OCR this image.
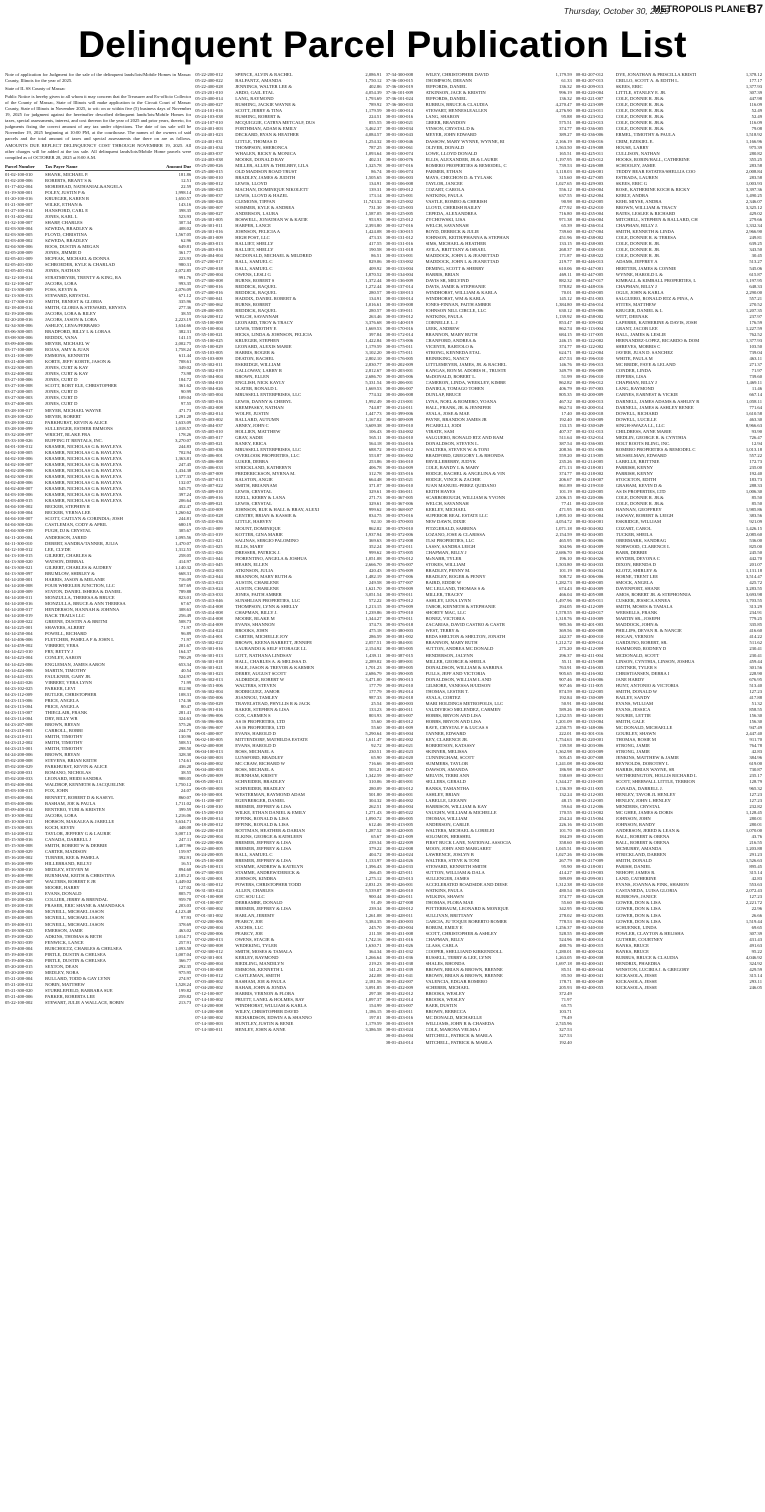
Thursday, October 30, 2025
METROPOLIS PLANET
B7
Delinquent Parcel Publication List

Note of application for Judgment for the sale of the delinquent lands/lots/Mobile Homes in Massac County, Illinois for the year of 2025.

State of IL SS County of Massac

Public Notice is hereby given to all whom it may concern that the Treasurer and Ex-officio Collector of the County of Massac, State of Illinois will make application to the Circuit Court of Massac County, State of Illinois in November 2025, to wit: on or within five (5) business days of November 19, 2025 for judgment against the hereinafter described delinquent lands/lots/Mobile Homes for taxes, special assessments, interest, and cost thereon for the year of 2025 and prior years, thereto, for judgments fixing the correct amount of any tax under objections. The date of tax sale will be November 19, 2025 beginning at 10:00 PM, at the courthouse. The names of the owners of said parcels and the total amount of taxes and special assessments due there on are as follows. AMOUNTS DUE REFLECT DELINQUENCY COST THROUGH NOVEMBER 19, 2025. All other charges will be added at the tax sale. All delinquent lands/lots/Mobile Home parcels were compiled as of OCTOBER 28, 2025 at 8:00 A.M.

Parcel Number	Tax Payer Name	Amount Due
01-02-100-010	SHANK, MICHAEL P.	181.86
01-02-200-006	ROBERTS, BRANT S &	12.51
01-17-402-004	MOREHEAD, NATHANIAL&ANGELA	22.59
01-19-300-001	POLEY, JUSTIN P &	1,998.14
01-20-100-016	KRUEGER, KAREN R	1,650.57
01-21-300-007	WILKE, ETHAN &	143.16
01-27-100-014	HANSFORD, CARL E	398.35
01-31-402-002	JONES, KARL L	523.93
01-32-100-007	SHARP, CHARLES	307.34
02-03-300-004	SZWEDA, BRADLEY &	408.02
02-03-300-005	FLOYD, CHRISTINA	1,567.05
02-03-400-002	SZWEDA, BRADLEY	62.96
02-04-300-006	BOOS, DUSTIN & MEGAN	649.81
02-05-200-009	JONES, JIMMIE D	361.77
02-05-401-009	MCPEAK, MICHAEL & DONNA	223.93
02-05-401-030	SCHROEDER, KYLE & CHARLAD	980.31
02-05-401-034	JONES, NATHAN	2,072.85
02-12-100-014	STRATMEYER, TRENTY & KING, RA	991.76
02-12-100-047	JACOBS, LORA	993.35
02-13-300-009	FOSS, KEVIN &	2,076.09
02-13-300-013	STEWARD, KRYSTAL	671.12
02-17-300-010	SMITH, ERNEST & GLORIA	335.96
02-18-400-014	SMITH, GLORIA & STEWARD, KRYSTA	277.36
02-19-200-006	JACOBS, LORA & RILEY	38.55
02-20-200-016	JACOBS, JASON & LORA	2,223.19
02-34-300-006	ASHLEY, LENA/FEBBARO	1,634.66
03-06-300-005	BRADFORD, BILLY L & LORAA	382.31
03-08-300-006	REDDIX, VANA	141.15
03-09-400-006	MEYER, MICHAEL W	2,002.75
03-17-100-008	ROJAS, AMY & JUAN	1,758.24
03-21-100-009	EMMONS, KENNETH	611.44
03-21-400-005	KORTE, JEFF/ KORTE, JASON &	708.61
03-22-300-005	JONES, CURT & KAY	349.02
03-22-400-002	JONES, CURT & KAY	73.98
03-27-100-006	JONES, CURT D	184.72
03-27-100-008	SCOTT, ROBT ELE, CHRISTOPHER	361.62
03-27-200-005	JONES, CURT D	90.99
03-27-300-003	JONES, CURT D	109.04
03-27-400-003	JONES, CURT D	97.55
03-28-100-017	MEYER, MICHAEL WAYNE	471.73
03-28-100-020	MEYER, ROBERT	1,291.28
03-28-100-022	PARKHURST, KEVIN & ALICE	1,633.09
03-28-100-099	SULLENGER, ESTHER EMMONS	1,018.57
03-32-200-097	WRICHT, BLAKE FRA	178.26
03-33-100-026	RUFFING IT RENTALS, INC.	3,270.07
04-01-100-012	KRAMER, NICHOLAS G & HAYLEYA	244.83
04-02-100-005	KRAMER, NICHOLAS G & HAYLEYA	702.94
04-02-100-006	KRAMER, NICHOLAS G & HAYLEYA	1,363.81
04-02-100-007	KRAMER, NICHOLAS G & HAYLEYA	247.45
04-02-200-006	KRAMER, NICHOLAS G & HAYLEYA	1,434.38
04-02-300-018	KRAMER, NICHOLAS G & HAYLEYA	1,377.33
04-02-400-006	KRAMER, NICHOLAS G & HAYLEYA	132.07
04-02-400-007	KRAMER, NICHOLAS G & HAYLEYA	545.75
04-03-100-006	KRAMER, NICHOLAS G & HAYLEYA	397.24
04-03-400-015	KRAMER, NICHOLAS G & HAYLEYA	206.64
04-04-100-002	BECKER, STEPHEN R	452.47
04-04-100-004	BECKER, VERNA LEE	1,260.62
04-04-100-007	SCOTT, CAITLYN & CORINDIA; JOSH	244.81
04-04-300-026	CASTLEMAN, CODY & APRIL	680.19
04-04-300-039	PUGH, DJ & CRYSTAL	305.67
04-11-200-004	ANDERSON, JARED	1,095.56
04-11-300-010	DEBERT, SANDRA/TANNER, JULIA	1,470.07
04-12-100-012	LEE, CLYDE	1,312.53
04-13-100-015	GILBERT, CHARLES &	258.05
04-13-300-020	WATSON, DEBRAL	414.97
04-13-300-021	GILBERT, CHARLES & AUDREY	1,140.32
04-13-300-097	BRUMLOW, SHIRLEY &	668.31
04-14-200-001	HARRIS, JASON & MELANIE	716.09
04-14-200-008	FOUR WHEELER JUNCTION, LLC	507.69
04-14-200-009	STATON, DANIEL ISHERA & DANIEL	789.88
04-14-200-011	MONZULLA, THERESA & BRUCE	823.01
04-14-200-016	MONZULLA, BRUCE & ANN THERESA	67.67
04-14-200-017	HENDERSON, HANNAH & JOHNNA	308.63
04-14-200-019	BACK TRAILS LLC	256.49
04-14-200-022	GREENE, DUSTIN A & BRITNI	508.73
04-14-225-001	SHAVERS, ALBERT	71.97
04-14-250-004	POWELL, RICHARD	96.89
04-14-406-006	FLETCHER, PAMELA F & JOHN L	71.97
04-14-459-002	VIBBERT, VERA	201.67
04-14-421-010	FRY, BETTY J	164.37
04-14-423-004	CONLEY, AARON	700.29
04-14-423-006	ENGLEMAN, JAMES AARON	653.34
04-14-424-006	MARTIN, TIMOTHY	40.54
04-14-441-033	FAULKNER, GARY JR.	524.97
04-14-441-026	VIBBERT, VERA LYNN	71.99
04-23-102-025	PARKER, LEVI	812.90
04-23-112-009	BUTLER, CHRISTOPHER	108.31
04-23-113-006	PRICE, ANGELA	174.36
04-23-113-004	PRICE, ANGELA	80.47
04-23-113-007	THIEGLAIR, FRANK	281.41
04-23-114-004	DRY, BILLY WR	324.63
04-23-207-008	BROWN, BRYAN	575.26
04-23-210-001	CARROLL, BOBBI	244.73
04-23-210-011	SMITH, TIMOTHY	130.96
04-23-212-002	SMITH, TIMOTHY	508.51
04-23-215-001	SMITH, TIMOTHY	298.50
04-24-200-006	BROWN, BRYAN	328.30
05-02-200-008	STEVENS, BRIAN KEITH	174.61
05-02-200-029	PARKHURST, KEVIN & ALICE	436.20
05-02-200-031	ROMANO, NICHOLAS	38.55
05-02-200-033	LEONARD, HEIDI SANDRA	988.05
05-02-400-004	WALDROP, KENNETH & JACQUELINE	1,750.12
05-03-100-015	FOX, JOHN	24.07
05-03-400-004	BENNETT, ROBERT D & KASEYL	860.07
05-03-400-006	BASHAM, JOE & PAULA	1,711.02
05-09-400-014	RENTERO, YURI & KRISTEN	399.59
05-10-300-002	JACOBS, LORA	1,216.06
05-10-300-011	HOBSON, MAKALEA & JARELLE	3,634.71
05-13-300-003	KOCH, KEVIN	448.08
05-14-200-012	TAYLOR, JEFFERY G & LAURIE	3,007.13
05-15-300-016	CANADA, DARRELL J	247.11
05-15-300-008	SMITH, ROBERT W & DEBBIE	1,407.96
05-15-300-029	CARTER, MADISON	159.97
05-16-200-002	TURNER, KEE & PAMELA	392.91
05-16-200-999	HILLEBRAND, BILLYJ	16.51
05-16-300-010	MEDLEY, STEVEN M	894.68
05-16-400-998	BURNHAM, KEITH & CHRISTINA	2,185.21
05-17-400-007	WALTERS, ROBERT E JR	1,449.02
05-18-200-008	MOORE, HARRY	127.02
05-18-200-011	EVANS, DONALD	805.75
05-18-200-026	COLLIER, JERRY & BRENDAL	959.78
05-18-200-018	FRASER, ERIC SHANE & AMANDAKA	203.03
05-18-400-004	MCNEILL, MICHAEL JASON	4,123.48
05-18-400-005	MCNEILL, MICHAEL JASON	97.93
05-18-400-011	MCNEILL, MICHAEL JASON	378.69
05-18-300-025	EMERSON, JAMIE	463.02
05-19-200-020	ADKINS, THOMAS & BETH	1,014.71
05-19-301-039	FENWICK, LANCE	257.91
05-19-400-004	BURCHOLTZ, CHARLES & CHELSEA	1,093.58
05-19-400-018	PIRTLE, DUSTIN & CHELSEA	1,007.04
05-19-400-026	PIRTLE, DUSTIN & CHELSEA	366.77
05-20-200-015	SEXTON, DEAN	292.35
05-20-200-030	MEDLEY, NORA	975.95
05-21-200-004	BULLARD, TODD & GAY LYNN	274.97
05-21-200-012	NOBIN, MATTHEW	1,528.24
05-21-300-020	STUBBLEFIELD, BARBARA SUE	199.82
05-21-400-006	PARKER, ROBERTA LEE	259.82
05-22-100-002	STEWART, JULIE A WALLACE, ROBIN	213.73
05-22-200-012	SPENCE, ALVIN & RACHEL	2,086.91
05-22-400-022	BALFANTZ, AMANDA	1,750.12
05-22-400-028	JENNINGS, WALTER LEE &	402.86
05-23-201-010	ABDO, GAIL ETAL	4,054.39
05-23-400-014	LANG, RAYMOND	1,793.69
05-23-400-027	RUSHING, JACKIE WAYNE &	789.92
05-24-101-016	SCOTT, JERRY & TINA	1,179.59
05-24-103-038	RUSHING, ROBERT &	224.51
05-24-107-010	MCQUIGGIE, CATRYA METCALF, DUS	855.55
05-24-401-003	FORTHMAN, ADAM & EMILY	3,462.37
05-24-401-023	DECKARD, RYAN & HEATHER	4,084.57
05-24-401-031	LITTLE, THOMAS D	1,254.32
05-24-401-034	THOMPSON, SHERONCA	787.25
05-24-403-037	WHALEN, RICKY & MONICA	1,093.64
05-24-403-038	MOOKE, DONALD RAY	402.31
05-25-200-026	MILLER, ALLEN & THELBBY, LILA	1,325.78
05-25-400-015	OLD MADISON ROAD TRUST	86.74
05-26-300-010	BRADLEY, JAMES & JUDITH	1,505.65
05-26-300-012	LEWIS, LLOYD	134.91
05-26-300-025	MACHAN, DOMINIQUE NIKOLETT	139.31
05-26-300-037	LEWIS, LLOYD & HAZEL	173.14
05-26-300-026	CLEMONS, TIFFAN	11,743.32
05-26-300-007	SOMMER, KYLE & ANDREA	731.30
05-26-300-027	ANDERSON, LAURA	1,587.05
05-26-301-005	BOSWELL, JONATHAN W & KATIE	953.93
05-26-301-011	HARPER, LANCE	2,393.80
05-26-301-016	JOHNSON, FELICIA A	1,424.08
05-26-401-009	HIGH POST, LLC	473.33
05-26-403-013	BALLIET, SHELLY	417.55
05-26-403-016	BALLIET, SHELLY	190.58
05-26-404-004	MCDONALD, MICHAEL & MILDRED	86.51
05-27-200-017	BALL, SAMUEL C	829.06
05-27-200-018	BALL, SAMUEL C	409.92
05-27-200-004	OWENS, LESLI G	1,870.52
05-27-300-008	BURNS, ROBERT S	1,372.44
05-27-300-016	REDDICK, RAQUEL	1,272.44
05-27-400-016	REDDICK, RAQUEL	280.57
05-27-300-041	HADDIX, DANIEL ROBERT &	134.91
05-27-300-062	BURNS, ROBERT	1,016.61
05-28-400-005	REDDICK, RAQUEL	280.57
05-34-200-012	WELCH, SAVANNAH	263.46
05-35-100-009	LEONARD, TROY & TRACY	3,376.68
05-35-100-004	LEWIS, TIMOTHY E	1,669.53
05-35-100-021	HICKS, LINDA & JOHNSON, FELICIA	397.84
05-35-100-025	KRUEGER, STEPHEN	1,422.84
05-35-100-029	LEONARD, ALEXIS MARIE	1,179.59
05-35-103-005	HARRIS, ROGER &	3,102.20
05-35-103-009	DEATON, RACHEL	2,802.10
05-35-302-011	ESKRIDGE, WILLIAM	2,830.77
05-35-302-019	GALLOWAY, LARRY R	2,812.67
05-35-304-004	BROWN, ELLEN	2,686.70
05-35-304-010	ENGLISH, NICK KAYLY	5,331.54
05-35-304-026	SLATER, RONALD L	1,669.53
05-35-305-004	MRUSSELL ENTERPRISES, LLC	774.32
05-35-305-016	LEWIS, DANNY & CHERYL	1,992.49
05-35-402-008	KREMPASKY, NATHAN	744.87
05-35-402-014	WOLFE, JUSTIN	1,447.73
05-35-403-002	BALLARD, AUTUMN	1,167.02
05-35-404-037	ABNEY, JOHN C	3,609.38
05-35-405-010	HOLLIEN, MATTHEW	106.43
05-35-405-017	GRAY, SADIE	565.11
05-35-405-021	RANEY, ERICA	564.18
05-35-405-036	MRUSSELL ENTERPRISES, LLC	688.72
05-35-406-001	OVERLOOK PROPERTIES, LLC	553.87
05-35-406-008	LUKER, DEBRA	253.86
05-35-406-033	STRICKLAND, KATHERYN	406.78
05-35-407-009	FREDERICKSON, MYRNA M.	312.78
05-35-407-013	RALSTON, ANGIE	664.48
05-35-407-022	SMITH, BRIANNAM	371.07
05-35-409-010	LEWIS, CRYSTAL	329.61
05-35-409-016	EZELL, KERRY & LANA	271.73
05-35-409-021	LEWIS, CRYSTAL	329.61
05-35-410-009	JOHNSON, RUE & HALL & BRAY, ALEXI	999.62
05-35-410-028	GENTRY, BRIAN & KASSIE &	834.75
05-35-410-036	LITTLE, HARVEY	92.10
05-35-411-009	MOUNT, DOMINIQUE	862.82
05-35-411-019	KOTTER, GINA MARIE	1,937.94
05-35-411-021	SALINAS, SERGIO PALOMINO	369.63
05-35-411-025	ELLIS, MARY	352.24
05-35-411-026	DRESSER, PATRICK J.	999.62
05-35-411-044	FIORENTINO, ANGELA & JOSHUA	1,051.08
05-35-411-045	HEARN, ELLEN	2,666.70
05-35-412-003	ATKINSON, JULIA	420.43
05-35-412-044	BRANNON, MARY RUTH &	1,482.19
05-35-413-023	AUSTIN, CHARLENE	249.58
05-35-413-024	AUSTIN, CHARLENE	1,621.70
05-35-413-033	JONES, FAITH AMBER	3,051.54
05-35-413-046	SUNSHLIAN PROPERTIES, LLC	572.22
05-35-414-008	THOMPSON, LYNN & SHELLY	1,213.15
05-35-414-008	CHAPMAN, BILLY J.	1,239.86
05-35-414-008	MOORE, BLAKE M	1,344.27
05-35-414-009	EVANS, SHANNON	374.73
05-35-414-024	BROOKS, JOHN	475.18
05-35-414-001	CARTER, MICHELLE JOY	286.59
05-35-302-022	BROWN, KEENA BARRETT, JENNIFE	2,057.51
05-35-301-016	LAURANDO & SELF STORAGE LL	2,154.92
05-36-301-013	LOTT, NATHANA LINDSAY	1,439.11
05-36-301-018	HALL, CHARLES A. & MELISSA D.	2,289.02
05-36-301-021	HALE, JASON & TREVOR & KARMEN	1,701.23
05-36-301-023	DERRY, AUGUST SCOTT	2,686.79
05-36-302-013	ALDRIDGE, ROBERT W	3,471.00
05-36-351-006	WALTERS, STEVEN	177.79
05-36-302-004	RODRIGUEZ, JAMOR	177.79
05-36-350-006	JOANNOU, TAMLEY	987.33
05-36-350-029	TRAVELSTEAD, PHYLLIS R & JACK	25.54
05-36-391-016	BAKER, STEPHEN & LISA	133.23
05-36-396-006	COX, CARMEN S	803.93
05-36-396-006	AS IS PROPERTIES, LTD	55.60
05-36-396-007	AS IS PROPERTIES, LTD	55.60
06-01-400-007	EVANS, HAROLD D	5,290.64
06-02-100-005	MITTENDORF, MATHILDA ESTATE	1,611.47
06-02-400-008	EVANS, HAROLD D	92.72
06-04-100-013	ROSS, MICHAEL A	230.51
06-04-300-003	LUNSFORD, BRADLEY	65.90
06-04-400-002	MC CRAW, RICHARD W	716.66
06-04-400-003	ROSS, MICHAEL A	503.21
06-05-200-009	BURNHAM, KRISTY	1,342.59
06-05-200-011	SCHNEIDER, BRADLEY	310.06
06-05-300-003	SCHNEIDER, BRADLEY	280.09
06-10-300-001	WESTERMAN, RAYMOND ADAM	501.80
06-11-200-007	EGENBERGER, DANIEL	304.32
06-11-200-010	BREMER, JEFFREY & LISA	262.51
06-15-200-010	WILKE, ETHAN DANIEL & EMILY	1,271.43
06-18-200-014	EFFINK, RONALD & LISA	1,090.72
06-18-200-012	EFFINK, RONALD & LISA	612.46
06-22-200-018	ROTTMAN, HEATHER & DARIAN	1,287.52
06-22-200-004	ELKINS, GEORGE & KATHLEEN	65.67
06-22-200-006	BREMER, JEFFREY & LISA	239.34
06-22-400-005	BREMER, JEFFREY & LISA	379.22
06-24-200-005	BALL, SAMUEL C	404.72
06-25-100-008	BREMER, JEFFREY & LISA	1,133.97
06-25-100-013	STAMME, ANDREW & KATELYN	1,396.43
06-27-300-003	STAMME, ANDREW/DERICK &	266.45
06-31-200-001	JOHNSON, KINDRA	1,275.12
06-31-300-012	POWERS, CHRISTOPHER TODD	2,831.23
06-31-303-024	ALLEN, CHARLES	5,539.87
07-01-100-008	GTC SOU LLC	900.44
07-01-100-007	DEBRAMBE, DONALD	91.49
07-01-300-002	BREMER, JEFFREY & LISA	239.34
07-01-301-002	HARLAN, JEREMY	1,261.08
07-02-200-006	PEARCY, JOE	3,384.35
07-02-200-004	AXCHIS, LLC	245.70
07-02-200-006	PEARCY, JOE	211.58
07-02-200-013	OWENS, STACIE &	1,742.16
07-02-300-008	WEDEKING, TYLER	1,630.71
07-02-300-012	SMITH, MOSES & TAMALA	364.34
07-02-301-001	KERLEY, RAYMOND	1,266.64
07-02-400-004	RIEDLING, MANDILYN	219.23
07-03-100-008	EMMONS, KENNETH L	141.23
07-03-100-012	CASTLEMAN, SMITH	242.08
07-03-400-002	BASHAM, JOE & PAULA	2,181.56
07-04-200-002	BAHAR, JOHN & JONDA	3,091.85
07-12-100-007	HARRIS, VERNON & FLORA	297.38
07-14-100-002	PRUITT, LANEL & HOLMES, RAY	1,097.37
07-14-200-008	WINDHORST, WILLIAM & KARLA	154.99
07-14-200-008	WILEY, CHRISTOPHER DAVID	1,186.15
07-14-300-002	RICHARDSON, EDWIN A & SHANNO	197.01
07-14-300-003	HUNTLEY, JUSTIN & RENIE	1,179.59
07-14-300-011	HENLEY, JOHN & ANNE	3,386.58
07-34-300-008	WILEY, CHRISTOPHER DAVID	1,179.59
07-36-100-015	THOMPSON, DEEANN	61.33
07-36-100-019	JEFFORDS, DANIEL	136.32
07-36-101-009	ATKINSON, JACE & KRISTIN	996.19
07-36-101-024	JEFFORDS, DANIEL	136.32
07-36-300-033	BURRUS, BRUCE & CLAUDIA	4,270.47
08-01-100-014	STEWART, HENNESLEALLEN	4,276.90
08-01-100-016	LANG, SHARON	95.88
08-01-100-021	GREER, BRANDON	575.51
08-01-100-034	VINSON, CRYSTAL D &	374.77
08-01-100-043	MEYER, JOHN EDWARD	389.27
08-01-100-046	DASSOW, MARY WYNNE, WYNNE, RI	2,166.19
08-01-100-061	OLIVER, DONALD	1,563.50
08-01-100-074	LOWE, LLOYD DONALD	165.51
08-01-100-076	ELLIS, ALEXANDER, JR & LAURIE	1,197.95
08-01-107-016	ROMERO PROPERTIES & REMODEL, C	739.53
08-01-106-074	FARMER, ETHAN	1,118.03
08-01-106-003	MAYS, CHECHON D. & TYLASK	315.60
08-01-106-008	TAYLOR, JANCEE	1,027.65
08-01-109-012	COZART, CAROLA	556.12
08-01-125-001	WATKINS, PAULA	637.55
08-01-125-002	VASTLE, ROMEO & CHERISH	90.98
08-01-125-003	LLOYD, CHERISH BAILEY	477.92
08-01-125-005	CEPEDA, ALEXANDREA	716.80
08-01-125-012	ZYCHOWSKI, LISA	971.38
08-01-127-016	WELCH, SAVANNAH	65.39
08-01-130-015	BOYD, DERRICK & JULIE	739.60
08-01-131-012	JOHNSON, KEITH/PHANNA & STEPHAN	451.96
08-01-131-016	SIMS, MICHAEL & HEATHER	133.15
08-01-131-018	AVILA, BRITTANY & ISRAEL	268.37
08-01-133-001	MADDOCK, JOHN L & JEANETTAD	171.87
08-01-133-002	MADDOCK, JOHN L & JEANETTAD	219.77
08-01-133-004	DEMING, SCOTT & SHERRY	610.06
08-01-134-004	HARRIS, BRIAN	469.11
08-01-136-009	DAVIS SR, MELVIND	882.32
08-01-137-014	DAVIS, JAMIE & STEPHANIE	578.82
08-01-138-013	WINDHORST, WILLIAM & KARLA	70.01
08-01-138-014	WINDHORST, WM & KARLA	145.12
08-01-139-008	JONES-FINNAN, FAITH AMBER	1,384.80
08-01-139-011	JOHNSON NILL CIRCLE, LLC	630.12
08-01-139-012	WATKINS, PAULA	1,139.92
08-01-140-019	CORNELLE L. J	853.47
08-01-170-016	LEEK, ANDREW	862.74
08-01-172-014	BRANNON, MARY RUTH	684.15
08-01-173-006	CRANFORD, ANDREA &	246.15
08-01-175-011	VICENTE, BARTOLO &	374.77
08-01-175-011	STRONG, KENNEDA ETAL	624.71
08-01-176-005	REINEKING, NANCY	457.53
08-01-202-009	LITTLEMEYER, JAMES, JR. & RACHEL	146.76
08-01-203-001	KANGAS, RON M. ADORIS H., TRUSTE	349.79
08-01-205-006	McDONALD, ROBERT L.	51.99
08-01-206-001	CAMERON, LINDA, WEEKLEY, KIMBE	862.82
08-01-206-007	DANIELS, TOMAGO TOHEN	406.79
08-01-206-008	DUNLAP, BRUCE	805.35
08-01-213-001	LYNA, NOEL & ROMERO, YOANA	467.32
08-01-214-011	HALL, FRANK, JR. & JENNIFER	862.74
08-01-399-006	AYALA, JOSE & MAE	17.40
08-01-309-009	PAYNE, BRANDON JAMES JR	192.40
08-01-339-010	PICARELLI, JODI	133.15
08-01-334-002	VIRATE, SAM	407.37
08-01-334-010	SALGUERO, RONALD RTZ AND RAM	511.64
08-01-334-016	DONALDSON, STEVEN L.	387.54
08-01-335-012	WALTERS, STEVEN W. & TONI	208.36
08-01-336-002	BRADFORD, GREGORY L & RHONDA	559.20
08-01-336-010	ERVILLEBERRY, JUDYK	235.26
08-01-334-009	COLE, RANDY L & MARY	471.13
08-01-335-016	HODGE, RACHEL & ANGELINA & VIN	374.77
08-01-335-021	HODGE, VINCE & ZACHIE	206.67
08-01-336-010	JUAN MANUEL-PEREZ QUIDANO	861.89
08-01-336-011	KEITH HAYES	101.19
08-01-367-005	SCARBOROUGH, WILLIAM & YVONN	2,506.15
08-01-367-006	WELCH, SAVANNAH	77.41
08-01-368-007	KERLEY, MICHAEL	471.95
08-01-370-016	SUPERIOR REAL ESTATE LLC	1,895.10
08-01-370-003	NEW DAWN, DIXIE	4,054.72
08-01-370-010	FITZGERALD, SABRINA	1,071.18
08-01-372-006	LOZANO, JOSE & CLARISSA	2,154.59
08-01-372-008	TLSJ PROPERTIES, LLC	465.95
08-01-372-011	LASSY, SANDRA LEIGH	304.96
08-01-373-005	CHAPMAN, BILLY J	2,686.70
08-01-376-012	McNABB, TYLER	196.10
08-01-376-007	STOKES, WILLIAM	1,503.80
08-01-376-009	BRADLEY, PENNY M.	101.19
08-01-377-006	BRADLEY, ROGER & PENNY	508.72
08-01-377-007	BAIRD, EDDIE W	1,282.73
08-01-378-009	MC LELLAND, THOMAS S &	674.43
08-01-378-011	MILLER, TRACEY	466.04
08-01-379-012	ASHLEY, LENA LYNN	1,497.96
08-01-379-009	TABOR, KENNETH & STEPHANIE	294.05
08-01-379-010	SHORTY MAC, LLC	1,578.55
08-01-379-011	BONEZ, VICTORIA	1,318.76
08-01-376-018	ZACARIAS, DAVID CASTRO & CASTR	985.36
08-01-380-003	WEST, TERRY &	369.56
08-01-381-002	REDA SHELTON & SHELTON, JONATH	242.37
08-01-384-001	BRANNON, MARY RUTH	1,212.72
08-01-385-005	SUTTON, ANDREA MC DONALD	275.20
08-01-387-015	HENDERSON, JALYNN	296.37
08-01-389-001	MILLER, GEORGE & SHEILA	55.11
08-01-389-005	DONALDSON, WILLIAM & SABRINA	763.91
08-01-390-005	FULLS, JEFF AND VICTORIA	905.65
08-01-390-013	DONALDSON, WILLIAM L AND	907.46
08-01-392-010	GILMORE, VANESSA H/UDSON	907.46
08-01-392-014	THOMAS, LESTER T.	874.59
08-01-392-018	AYALA, CORTEZ	192.84
08-01-400-003	MARI HOLDINGS METROPOLIS, LLC	50.91
08-01-400-011	VALDIVIESO MELENDEZ, CARMEN	589.26
08-01-403-007	HOBBS, BRYON AND LISA	1,232.55
08-01-403-012	HOBBS, BRYON AND LISA	1,201.09
08-01-401-009	RAVE, CRYSTAL F & LUCAS S	2,250.75
08-01-403-004	TANNER, EDWARD	222.01
08-01-402-002	KEY, CLARENCE JR.	1,754.63
08-01-402-021	ROBERTSON, KATASSY	139.58
08-01-402-023	SKINNER, MELISSA	1,362.98
08-01-402-020	CUNNINGHAM, SCOTT	505.45
08-01-405-003	SUMMERS, TAYLOR	1,241.08
08-01-402-017	DAWSON, AMANDA	186.98
08-01-405-007	MELVIN, TERRI ANN	538.69
08-01-403-001	SELLERS, GERALD	1,344.27
08-01-403-012	BANKS, TAMANTHA	1,136.39
08-01-404-001	ASHLEY, BRIAN	132.24
08-01-404-002	LABELLE, LEEANN	48.15
08-01-404-004	HARRISON, WILLIAM & KAY	59.64
08-01-405-022	VAUGHN, WILLIAM & MICHELLE	170.55
08-01-406-005	THOMAS, WILLIAM	254.24
08-01-413-005	ANDERSON, CARLIE	226.16
08-01-420-005	WALTERS, MICHAEL & LORELEI	101.70
08-01-421-009	SOLOMON, HERSHEL	184.29
08-01-422-009	FIRST BUCK LANE, NATIONAL ASSOCIA	358.60
08-01-422-008	MOON, JOHN AND MARGARET	1,045.51
08-01-424-024	LAWRENCE, JOSLYN B	1,027.26
08-01-424-026	WALTERS, STEVE & TONI	267.79
08-01-424-033	STEWARD, KENNETH SMITH	95.90
08-01-425-011	SUTTON, WILLIAM & DALA	414.27
08-01-425-013	SULLENGER, JAMES	589.09
08-01-426-001	ACCELERATED ROADSIDE AND DIESE	1,312.38
08-01-426-010	WATKINS, PAULA	480.54
08-01-426-011	WILKINS, SHAWN	374.77
08-01-427-008	THOMAS, FLORA MAE	55.60
08-01-428-012	POTTERBAUM, LEONARD & MONIQUE	342.95
08-01-428-011	SULLIVAN, BRITTANY	278.02
08-01-430-003	GARCIA, JU TOQUE ROBERTO ROMER	778.53
08-01-430-004	BOBUM, EMILY E	1,256.37
08-01-431-008	SCOTT, CHRISTOPHER & ASHLEY	528.55
08-01-431-016	CHAPMAN, BILLY	524.96
08-01-431-026	GLASS, CARLA	480.76
08-01-431-032	COOPER, SHELLIAND KIRKENDOLL	1,280.01
08-01-431-036	RUSSELL, TERRY & LEE, LYNN	1,263.05
08-01-431-038	SHALES, RHONDA	1,697.18
08-01-431-039	BROWN, BRIAN & BROWN, BRENNE	85.51
08-01-431-041	BROWN, BRIAN & BROWN, BRENNE	85.50
08-01-432-007	VALENCIA, EDGAR ROMERO	178.71
08-01-432-009	SCHEBER, MICHAEL	205.93
08-01-432-012	BROOKS, WESLEY	372.49
08-01-432-014	BROOKS, WESLEY	71.97
08-01-433-007	BAER, DUSTIN	65.75
08-01-433-011	BROWN, REBECCA	103.71
08-01-433-016	MC DONALD, MICHAELLE	79.49
08-01-433-019	WILLIAMS, JOHN R & CHASEDA	2,745.96
08-01-433-024	COLE, MARONA VELMA J	327.53
08-01-434-004	MITCHELL, PATRICK & MARLA	327.53
08-01-434-014	MITCHELL, PATRICK & MARLA	192.40
08-02-207-012	DYE, JONATHAN & PRISCILLA KRISTI	1,378.12
08-02-207-013	CRILLO, SCOTT A. & EDITH L.	177.17
08-02-209-013	SKEES, ERIC	1,377.93
08-02-220-004	LITTLE, STANLEY E. JR.	307.39
08-02-221-007	COLE, DONNIE R. JR.&	447.98
08-02-223-009	COLE, DONNIE R. JR.&	116.09
08-02-223-011	COLE, DONNIE R. JR.&	52.49
08-02-223-012	COLE, DONNIE R. JR.&	52.49
08-02-223-013	COLE, DONNIE R. JR.&	116.09
08-02-336-005	COLE, DONNIE R. JR.&	79.08
08-02-336-006	ERMEL, TIMOTHY & PAULA	1,518.92
08-02-336-016	CRIM, EZEKIEL E.	1,166.96
08-02-419-008	HOUSE, LARRY	975.39
08-02-425-011	CULLISON, NATHAN	280.82
08-02-425-012	HOOKS, ROBIN/HALL, CATHERINE	355.25
08-02-426-008	SCHOOLEY, JAMIE	283.58
08-02-426-001	TEDDY BEAR ESTATES/SHELLIA COO	2,008.84
08-02-427-005	ESTRADA, LAUREN	283.58
08-02-429-003	SKEES, ERIC G	1,003.93
08-02-430-004	ROSE, KATHERINE KOCH & RICKY	3,397.36
08-02-432-004	KERLY, ANDRA	1,490.25
08-02-432-005	KEHL MIYSE, ANDRA	2,346.07
08-02-432-010	BROWN, WILLIAM & TRACY	3,325.12
08-02-435-004	BATES, LESLEE & RICHARD	429.02
08-02-436-004	MITCHELL, STEPHEN & BALLARD, CH	279.66
08-02-436-014	CHAPMAN, BILLY J.	1,332.34
08-02-437-004	SMITH, KENNETH & LINDA	2,966.90
08-02-438-002	COLE, DONNIE R. & TERESA	249.81
08-02-438-003	COLE, DONNIE R. JR.	639.25
08-02-438-010	COLE, DONNIE R. JR.	343.50
08-02-438-022	COLE, DONNIE R. JR.	30.45
08-02-446-013	ADAMS, JEFFREY A	513.27
08-02-447-001	HERTTER, JAMES & CONNIE	545.06
08-02-447-005	WYNNE, HAROLD L &	615.87
08-02-447-017	KIMBALL & KIMBALL PROPERTIES, L	1,197.95
08-02-448-016	CHAPMAN, BILLY J	648.33
08-02-450-005	OGLE, JOHN & KARLA	2,290.00
08-02-451-003	SALGUERO, RONALD RTZ & PINA, A	557.21
08-02-456-014	STITES, MATTHEW	270.52
08-02-459-006	KRUGER, DANIEL & L	1,207.35
08-02-458-002	WITT, DEENAK	237.97
08-02-109-002	LAPERRE, KATHERINE & DAVIS, JOSH	176.59
08-02-113-004	GRANT, JACOB LEE	1,227.59
08-02-117-005	HALL, JAMES & LESLIE	762.52
08-02-122-002	HERNANDEZ-LOPEZ, RICARDO & DOM	1,377.93
08-02-122-002	SHREVES, MORRIS C	103.50
08-02-122-004	JAVIER, JUAN D. SANCHEZ	739.04
08-02-196-010	WHITE, PAULA M	463.11
08-02-196-013	MC BRIDE, FAYE & LELAND	271.37
08-02-196-009	CONDER, LINDA	71.97
08-02-196-010	JEFFERS, LISA	739.60
08-02-196-012	CHAPMAN, BILLY J	1,469.11
08-02-197-003	LANG, RAYMOND	11.46
08-02-200-009	CARNES, EARNEST & VICKIE	667.14
08-02-200-013	DARNELL, JAMES ADAMS & ASHLEY R	1,058.11
08-02-200-014	DARNELL, JAMES & ASHLEY RENEE	771.64
08-02-200-018	DOWELL, RICHARD	1,610.58
08-02-330-009	DOWELL, LUCILLE	463.30
08-02-330-049	SINGH-SWAZA LL, LLC	8,966.63
08-02-331-013	CHILDRESS, ANNE MARIE	93.90
08-02-332-014	MEDLIN, GEORGE R. & CYNTHIA	726.47
08-02-336-003	HOLT ROOTS BLING, INC.	12.94
08-02-351-006	ROMERO PROPERTIES & REMODEL C	1,013.18
08-02-213-005	MUSSELMAN, EDWARD	557.22
08-02-214-005	LABELLE, BRITTNIE	172.73
08-02-218-001	PARRISH, KENNY	235.00
08-02-218-002	PARRISH, KENNY	192.40
08-02-218-007	STOCKTON, EDITH	183.73
08-02-219-010	GRAHAM, KEVIN D &	288.33
08-02-220-005	AS IS PROPERTIES, LTD	1,006.30
08-02-220-006	COLE, DONNIE R. JR.&	85.50
08-02-220-010	COLE, DONNIE R. JR.&	85.50
08-02-301-003	HANNAN, GEOFFREY	1,985.86
08-02-303-004	JAKWAY, ROBERT & LEIGH	383.56
08-02-304-001	ESKRIDGE, WILLIAM	921.09
08-02-304-002	COZART, CAROL	1,426.15
08-02-304-005	TUCKER, SHEILA	2,085.60
08-02-304-006	OBERMARK, SANDRAG	536.00
08-02-304-009	NORWOOD, CLARENCE L	825.00
08-02-304-024	BARR, DEBBIE	245.50
08-02-304-026	SNYDER, DEVONA C	442.70
08-02-304-033	DIXON, BRENDA D	201.07
08-02-304-034	KLOTZ, SHIRLEY &	1,131.18
08-02-306-006	HORNE, TRENT LEE	3,514.47
08-02-400-005	SMOCK, ANGELA	425.72
08-02-404-009	DAVENPORT, SHANE	3,283.55
08-02-405-008	AMOS, ROBERT JR. & STEPHONNIA	3,693.98
08-02-405-011	CUSKER, JESSICA ANNEA	1,703.55
08-02-412-009	SMITH, MOSES & TAMALA	313.29
08-02-420-017	WERSELLS, FRANK	234.91
08-02-410-009	MARTIN SR., JOSEPH	779.25
08-02-401-003	MADDOCK, JOHN &	335.85
08-02-400-008	PHILLIPS, DEVAN R. & NANCIE	416.60
08-02-400-010	HOGAN, VERNON	414.22
08-02-409-014	GARDUNO, ROBERT, SR.	511.62
08-02-412-009	HAMMOND, RODNEY D	230.41
08-02-411-004	MCDONALD, SCOTT	230.41
08-02-415-008	LINSON, CYNTHIA, LINSON, JOSHUA	459.44
08-02-416-003	GINTNER, TYLER S	301.56
08-02-416-002	CHRISTIANSEN, DEBRA I	228.90
08-02-416-006	JANE HARDY	676.95
08-02-111-005	HUNT, ANTONIO & VICTORIA	513.40
08-02-122-005	SMITH, DONALD W	127.23
08-02-130-009	BAILEY, SANDY	417.88
08-02-140-004	EVANS, WILLIAM	51.32
08-02-140-009	EVANS, JESSICA	858.55
08-02-140-001	NOURIE, LETTIE	156.30
08-02-133-004	SMITH, GALE	156.30
08-02-148-006	MC DONALD, MICHAELLE	947.49
08-02-301-016	GOURLEY, SHAWN	2,447.40
08-02-220-001	THOMAS, ROSIE M	911.70
08-02-203-006	STRONG, JAMIE	764.78
08-02-203-009	STRONG, JAMIE	42.83
08-02-207-008	JENKINS, MATTHEW & JAMIE	384.96
08-02-206-002	REYNOLDS, DOROTHY L	619.00
08-02-209-007	HARRIS, BRIAN WAYNE, SR	730.87
08-02-209-011	WETHERINGTON, HOLLIS RICHARD L	235.17
08-02-210-005	SCOTT, SHERWALL LITTLE, TERRION	128.79
08-02-211-005	CANADA, DARRELL J.	965.32
08-02-212-003	HENLEY, TAVOR JL HENLEY	127.23
08-02-212-005	HENLEY, JOHN L HENLEY	127.23
08-02-212-006	MENDERS, CRYSTAL	232.82
08-02-213-002	MC GHEE, JAMES & DORIS	1,128.45
08-02-215-004	JOHNSON, JOHN	280.01
08-02-215-005	JOHNSON, RANDY	280.01
08-02-215-005	ANDERSON, JERED & LEAN &	1,070.00
08-02-216-005	BALL, ROBERT & ORENA	43.76
08-02-216-005	BALL, ROBERT & ORENA	216.55
08-02-216-005	MCMURRY, AMANDA	1,203.88
08-02-216-006	STRICKLAND, DARREN	291.23
08-02-217-009	SMITH, DONALD	1,526.63
08-02-218-001	PARISH, DANIEL	895.45
08-02-219-003	NEHOFF, JAMES R.	315.14
08-02-299-001	LAND, CATHERINE	42.83
08-02-326-010	EVANS, JOANNA & FINK, SHARON	553.63
08-02-326-023	CASTANEDA, LUISA GLORIA	2,072.43
08-02-326-028	BURROWS, JANICE	127.23
08-02-326-006	GOWER, DON & LISA	2,221.72
08-02-332-002	GOWER, DON & LISA	22.96
08-02-332-003	GOWER, DON & LISA	26.66
08-02-332-004	GOWER, DON & LISA	1,519.44
08-02-340-010	SCHUENKE, LINDA	69.65
08-02-400-009	FOWLER, CLAYTON & HELISHA	307.39
08-02-400-014	GUTHRIE, COURTNEY	431.43
08-02-400-015	BANKS, BRUCE	491.63
08-02-400-024	BANKS, BRUCE	95.22
08-02-400-038	BURRUS, BRUCE & CLAUDIA	4,046.92
08-02-400-041	HENDRIX, PHAEDRA	324.92
08-02-400-044	WINSTON, LUCIRIA J. & GREGORY	429.59
08-02-400-041	KICKASOLA, JESSE	315.14
08-02-400-049	KICKASOLA, JESSE	293.11
08-02-400-053	KICKASOLA, JESSE	246.05
